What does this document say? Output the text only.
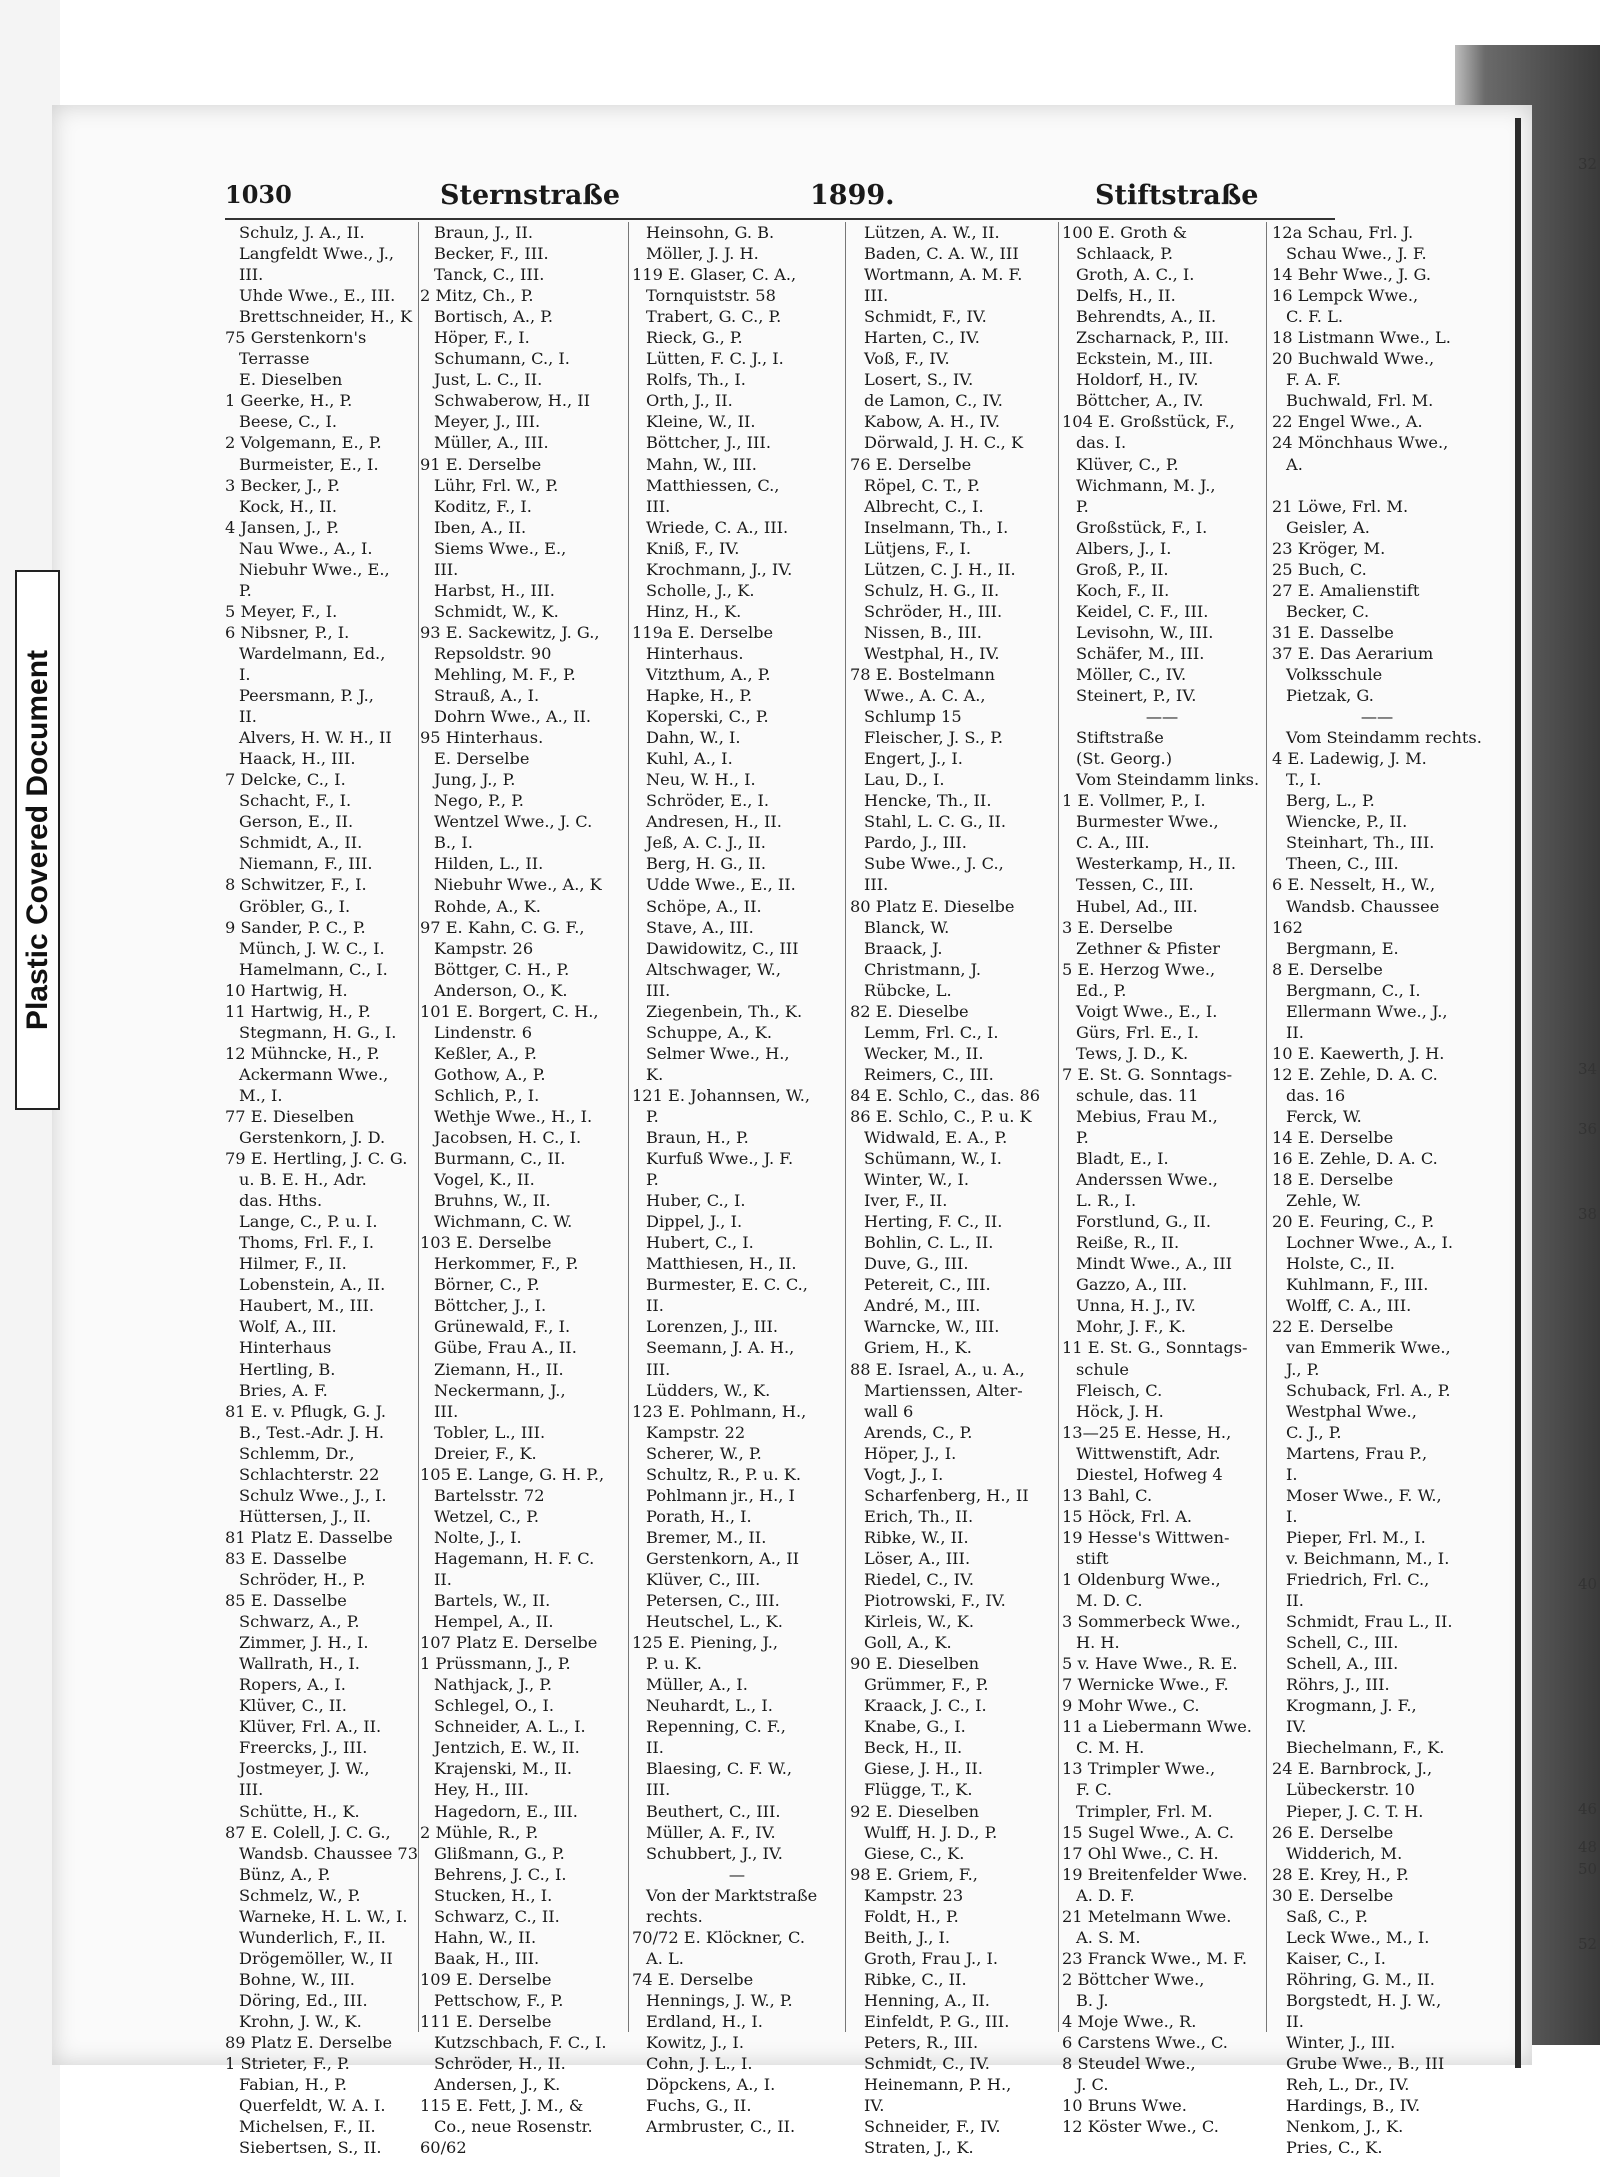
Plastic Covered Document
1030	Sternstraße	1899.	Stiftstraße
Schulz, J. A., II.
Langfeldt Wwe., J.,
III.
Uhde Wwe., E., III.
Brettschneider, H., K
75 Gerstenkorn's
Terrasse
E. Dieselben
1 Geerke, H., P.
Beese, C., I.
2 Volgemann, E., P.
Burmeister, E., I.
3 Becker, J., P.
Kock, H., II.
4 Jansen, J., P.
Nau Wwe., A., I.
Niebuhr Wwe., E.,
P.
5 Meyer, F., I.
6 Nibsner, P., I.
Wardelmann, Ed.,
I.
Peersmann, P. J.,
II.
Alvers, H. W. H., II
Haack, H., III.
7 Delcke, C., I.
Schacht, F., I.
Gerson, E., II.
Schmidt, A., II.
Niemann, F., III.
8 Schwitzer, F., I.
Gröbler, G., I.
9 Sander, P. C., P.
Münch, J. W. C., I.
Hamelmann, C., I.
10 Hartwig, H.
11 Hartwig, H., P.
Stegmann, H. G., I.
12 Mühncke, H., P.
Ackermann Wwe.,
M., I.
77 E. Dieselben
Gerstenkorn, J. D.
79 E. Hertling, J. C. G.
u. B. E. H., Adr.
das. Hths.
Lange, C., P. u. I.
Thoms, Frl. F., I.
Hilmer, F., II.
Lobenstein, A., II.
Haubert, M., III.
Wolf, A., III.
Hinterhaus
Hertling, B.
Bries, A. F.
81 E. v. Pflugk, G. J.
B., Test.-Adr. J. H.
Schlemm, Dr.,
Schlachterstr. 22
Schulz Wwe., J., I.
Hüttersen, J., II.
81 Platz E. Dasselbe
83 E. Dasselbe
Schröder, H., P.
85 E. Dasselbe
Schwarz, A., P.
Zimmer, J. H., I.
Wallrath, H., I.
Ropers, A., I.
Klüver, C., II.
Klüver, Frl. A., II.
Freercks, J., III.
Jostmeyer, J. W.,
III.
Schütte, H., K.
87 E. Colell, J. C. G.,
Wandsb. Chaussee 73
Bünz, A., P.
Schmelz, W., P.
Warneke, H. L. W., I.
Wunderlich, F., II.
Drögemöller, W., II
Bohne, W., III.
Döring, Ed., III.
Krohn, J. W., K.
89 Platz E. Derselbe
1 Strieter, F., P.
Fabian, H., P.
Querfeldt, W. A. I.
Michelsen, F., II.
Siebertsen, S., II.
Braun, J., II.
Becker, F., III.
Tanck, C., III.
2 Mitz, Ch., P.
Bortisch, A., P.
Höper, F., I.
Schumann, C., I.
Just, L. C., II.
Schwaberow, H., II
Meyer, J., III.
Müller, A., III.
91 E. Derselbe
Lühr, Frl. W., P.
Koditz, F., I.
Iben, A., II.
Siems Wwe., E.,
III.
Harbst, H., III.
Schmidt, W., K.
93 E. Sackewitz, J. G.,
Repsoldstr. 90
Mehling, M. F., P.
Strauß, A., I.
Dohrn Wwe., A., II.
95 Hinterhaus.
E. Derselbe
Jung, J., P.
Nego, P., P.
Wentzel Wwe., J. C.
B., I.
Hilden, L., II.
Niebuhr Wwe., A., K
Rohde, A., K.
97 E. Kahn, C. G. F.,
Kampstr. 26
Böttger, C. H., P.
Anderson, O., K.
101 E. Borgert, C. H.,
Lindenstr. 6
Keßler, A., P.
Gothow, A., P.
Schlich, P., I.
Wethje Wwe., H., I.
Jacobsen, H. C., I.
Burmann, C., II.
Vogel, K., II.
Bruhns, W., II.
Wichmann, C. W.
103 E. Derselbe
Herkommer, F., P.
Börner, C., P.
Böttcher, J., I.
Grünewald, F., I.
Gübe, Frau A., II.
Ziemann, H., II.
Neckermann, J.,
III.
Tobler, L., III.
Dreier, F., K.
105 E. Lange, G. H. P.,
Bartelsstr. 72
Wetzel, C., P.
Nolte, J., I.
Hagemann, H. F. C.
II.
Bartels, W., II.
Hempel, A., II.
107 Platz E. Derselbe
1 Prüssmann, J., P.
Nathjack, J., P.
Schlegel, O., I.
Schneider, A. L., I.
Jentzich, E. W., II.
Krajenski, M., II.
Hey, H., III.
Hagedorn, E., III.
2 Mühle, R., P.
Glißmann, G., P.
Behrens, J. C., I.
Stucken, H., I.
Schwarz, C., II.
Hahn, W., II.
Baak, H., III.
109 E. Derselbe
Pettschow, F., P.
111 E. Derselbe
Kutzschbach, F. C., I.
Schröder, H., II.
Andersen, J., K.
115 E. Fett, J. M., &
Co., neue Rosenstr.
60/62
Heinsohn, G. B.
Möller, J. J. H.
119 E. Glaser, C. A.,
Tornquiststr. 58
Trabert, G. C., P.
Rieck, G., P.
Lütten, F. C. J., I.
Rolfs, Th., I.
Orth, J., II.
Kleine, W., II.
Böttcher, J., III.
Mahn, W., III.
Matthiessen, C.,
III.
Wriede, C. A., III.
Kniß, F., IV.
Krochmann, J., IV.
Scholle, J., K.
Hinz, H., K.
119a E. Derselbe
Hinterhaus.
Vitzthum, A., P.
Hapke, H., P.
Koperski, C., P.
Dahn, W., I.
Kuhl, A., I.
Neu, W. H., I.
Schröder, E., I.
Andresen, H., II.
Jeß, A. C. J., II.
Berg, H. G., II.
Udde Wwe., E., II.
Schöpe, A., II.
Stave, A., III.
Dawidowitz, C., III
Altschwager, W.,
III.
Ziegenbein, Th., K.
Schuppe, A., K.
Selmer Wwe., H.,
K.
121 E. Johannsen, W.,
P.
Braun, H., P.
Kurfuß Wwe., J. F.
P.
Huber, C., I.
Dippel, J., I.
Hubert, C., I.
Matthiesen, H., II.
Burmester, E. C. C.,
II.
Lorenzen, J., III.
Seemann, J. A. H.,
III.
Lüdders, W., K.
123 E. Pohlmann, H.,
Kampstr. 22
Scherer, W., P.
Schultz, R., P. u. K.
Pohlmann jr., H., I
Porath, H., I.
Bremer, M., II.
Gerstenkorn, A., II
Klüver, C., III.
Petersen, C., III.
Heutschel, L., K.
125 E. Piening, J.,
P. u. K.
Müller, A., I.
Neuhardt, L., I.
Repenning, C. F.,
II.
Blaesing, C. F. W.,
III.
Beuthert, C., III.
Müller, A. F., IV.
Schubbert, J., IV.
—
Von der Marktstraße
rechts.
70/72 E. Klöckner, C.
A. L.
74 E. Derselbe
Hennings, J. W., P.
Erdland, H., I.
Kowitz, J., I.
Cohn, J. L., I.
Döpckens, A., I.
Fuchs, G., II.
Armbruster, C., II.
Lützen, A. W., II.
Baden, C. A. W., III
Wortmann, A. M. F.
III.
Schmidt, F., IV.
Harten, C., IV.
Voß, F., IV.
Losert, S., IV.
de Lamon, C., IV.
Kabow, A. H., IV.
Dörwald, J. H. C., K
76 E. Derselbe
Röpel, C. T., P.
Albrecht, C., I.
Inselmann, Th., I.
Lütjens, F., I.
Lützen, C. J. H., II.
Schulz, H. G., II.
Schröder, H., III.
Nissen, B., III.
Westphal, H., IV.
78 E. Bostelmann
Wwe., A. C. A.,
Schlump 15
Fleischer, J. S., P.
Engert, J., I.
Lau, D., I.
Hencke, Th., II.
Stahl, L. C. G., II.
Pardo, J., III.
Sube Wwe., J. C.,
III.
80 Platz E. Dieselbe
Blanck, W.
Braack, J.
Christmann, J.
Rübcke, L.
82 E. Dieselbe
Lemm, Frl. C., I.
Wecker, M., II.
Reimers, C., III.
84 E. Schlo, C., das. 86
86 E. Schlo, C., P. u. K
Widwald, E. A., P.
Schümann, W., I.
Winter, W., I.
Iver, F., II.
Herting, F. C., II.
Bohlin, C. L., II.
Duve, G., III.
Petereit, C., III.
André, M., III.
Warncke, W., III.
Griem, H., K.
88 E. Israel, A., u. A.,
Martienssen, Alter-
wall 6
Arends, C., P.
Höper, J., I.
Vogt, J., I.
Scharfenberg, H., II
Erich, Th., II.
Ribke, W., II.
Löser, A., III.
Riedel, C., IV.
Piotrowski, F., IV.
Kirleis, W., K.
Goll, A., K.
90 E. Dieselben
Grümmer, F., P.
Kraack, J. C., I.
Knabe, G., I.
Beck, H., II.
Giese, J. H., II.
Flügge, T., K.
92 E. Dieselben
Wulff, H. J. D., P.
Giese, C., K.
98 E. Griem, F.,
Kampstr. 23
Foldt, H., P.
Beith, J., I.
Groth, Frau J., I.
Ribke, C., II.
Henning, A., II.
Einfeldt, P. G., III.
Peters, R., III.
Schmidt, C., IV.
Heinemann, P. H.,
IV.
Schneider, F., IV.
Straten, J., K.
100 E. Groth &
Schlaack, P.
Groth, A. C., I.
Delfs, H., II.
Behrendts, A., II.
Zscharnack, P., III.
Eckstein, M., III.
Holdorf, H., IV.
Böttcher, A., IV.
104 E. Großstück, F.,
das. I.
Klüver, C., P.
Wichmann, M. J.,
P.
Großstück, F., I.
Albers, J., I.
Groß, P., II.
Koch, F., II.
Keidel, C. F., III.
Levisohn, W., III.
Schäfer, M., III.
Möller, C., IV.
Steinert, P., IV.
——
Stiftstraße
(St. Georg.)
Vom Steindamm links.
1 E. Vollmer, P., I.
Burmester Wwe.,
C. A., III.
Westerkamp, H., II.
Tessen, C., III.
Hubel, Ad., III.
3 E. Derselbe
Zethner & Pfister
5 E. Herzog Wwe.,
Ed., P.
Voigt Wwe., E., I.
Gürs, Frl. E., I.
Tews, J. D., K.
7 E. St. G. Sonntags-
schule, das. 11
Mebius, Frau M.,
P.
Bladt, E., I.
Anderssen Wwe.,
L. R., I.
Forstlund, G., II.
Reiße, R., II.
Mindt Wwe., A., III
Gazzo, A., III.
Unna, H. J., IV.
Mohr, J. F., K.
11 E. St. G., Sonntags-
schule
Fleisch, C.
Höck, J. H.
13—25 E. Hesse, H.,
Wittwenstift, Adr.
Diestel, Hofweg 4
13 Bahl, C.
15 Höck, Frl. A.
19 Hesse's Wittwen-
stift
1 Oldenburg Wwe.,
M. D. C.
3 Sommerbeck Wwe.,
H. H.
5 v. Have Wwe., R. E.
7 Wernicke Wwe., F.
9 Mohr Wwe., C.
11 a Liebermann Wwe.
C. M. H.
13 Trimpler Wwe.,
F. C.
Trimpler, Frl. M.
15 Sugel Wwe., A. C.
17 Ohl Wwe., C. H.
19 Breitenfelder Wwe.
A. D. F.
21 Metelmann Wwe.
A. S. M.
23 Franck Wwe., M. F.
2 Böttcher Wwe.,
B. J.
4 Moje Wwe., R.
6 Carstens Wwe., C.
8 Steudel Wwe.,
J. C.
10 Bruns Wwe.
12 Köster Wwe., C.
12a Schau, Frl. J.
Schau Wwe., J. F.
14 Behr Wwe., J. G.
16 Lempck Wwe.,
C. F. L.
18 Listmann Wwe., L.
20 Buchwald Wwe.,
F. A. F.
Buchwald, Frl. M.
22 Engel Wwe., A.
24 Mönchhaus Wwe.,
A.
21 Löwe, Frl. M.
Geisler, A.
23 Kröger, M.
25 Buch, C.
27 E. Amalienstift
Becker, C.
31 E. Dasselbe
37 E. Das Aerarium
Volksschule
Pietzak, G.
——
Vom Steindamm rechts.
4 E. Ladewig, J. M.
T., I.
Berg, L., P.
Wiencke, P., II.
Steinhart, Th., III.
Theen, C., III.
6 E. Nesselt, H., W.,
Wandsb. Chaussee
162
Bergmann, E.
8 E. Derselbe
Bergmann, C., I.
Ellermann Wwe., J.,
II.
10 E. Kaewerth, J. H.
12 E. Zehle, D. A. C.
das. 16
Ferck, W.
14 E. Derselbe
16 E. Zehle, D. A. C.
18 E. Derselbe
Zehle, W.
20 E. Feuring, C., P.
Lochner Wwe., A., I.
Holste, C., II.
Kuhlmann, F., III.
Wolff, C. A., III.
22 E. Derselbe
van Emmerik Wwe.,
J., P.
Schuback, Frl. A., P.
Westphal Wwe.,
C. J., P.
Martens, Frau P.,
I.
Moser Wwe., F. W.,
I.
Pieper, Frl. M., I.
v. Beichmann, M., I.
Friedrich, Frl. C.,
II.
Schmidt, Frau L., II.
Schell, C., III.
Schell, A., III.
Röhrs, J., III.
Krogmann, J. F.,
IV.
Biechelmann, F., K.
24 E. Barnbrock, J.,
Lübeckerstr. 10
Pieper, J. C. T. H.
26 E. Derselbe
Widderich, M.
28 E. Krey, H., P.
30 E. Derselbe
Saß, C., P.
Leck Wwe., M., I.
Kaiser, C., I.
Röhring, G. M., II.
Borgstedt, H. J. W.,
II.
Winter, J., III.
Grube Wwe., B., III
Reh, L., Dr., IV.
Hardings, B., IV.
Nenkom, J., K.
Pries, C., K.
32
34
36
38
40
46
48
50
52
